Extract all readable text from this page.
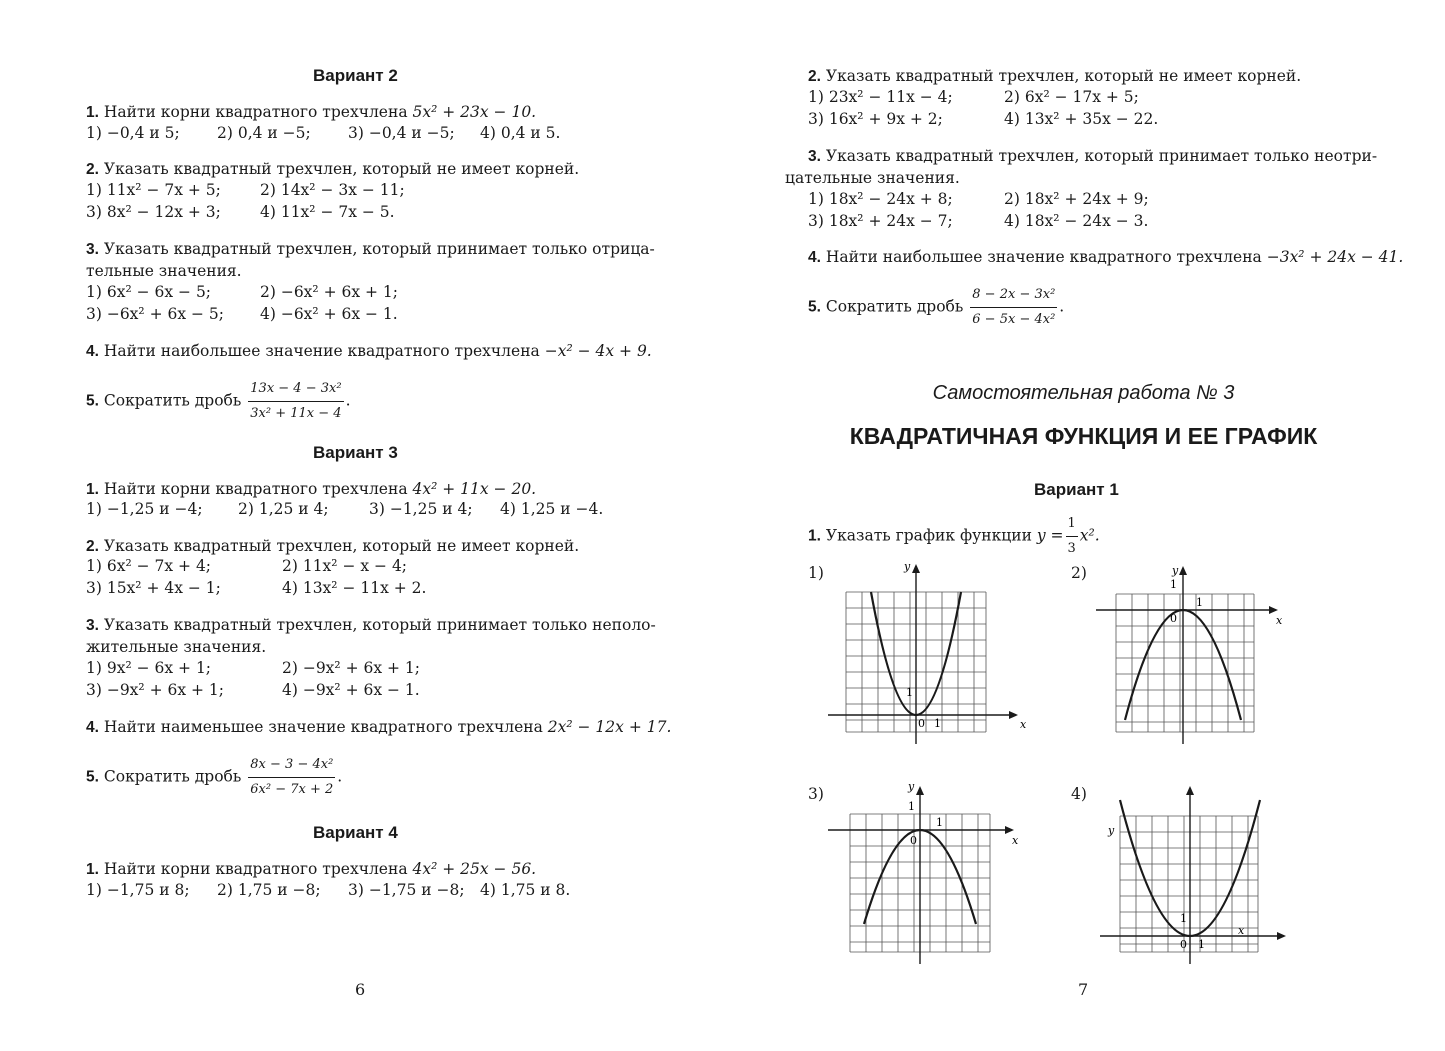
Вариант 2
1. Найти корни квадратного трехчлена 5x² + 23x − 10.
1) −0,4 и 5; 2) 0,4 и −5; 3) −0,4 и −5; 4) 0,4 и 5.
2. Указать квадратный трехчлен, который не имеет корней.
1) 11x² − 7x + 5;	2) 14x² − 3x − 11;
3) 8x² − 12x + 3;	4) 11x² − 7x − 5.
3. Указать квадратный трехчлен, который принимает только отрица-
тельные значения.
1) 6x² − 6x − 5;	2) −6x² + 6x + 1;
3) −6x² + 6x − 5; 4) −6x² + 6x − 1.
4. Найти наибольшее значение квадратного трехчлена −x² − 4x + 9.
5. Сократить дробь $\frac{\text{13x − 4 − 3x²}}{\text{3x² + 11x − 4}}$ .
Вариант 3
1. Найти корни квадратного трехчлена 4x² + 11x − 20.
1) −1,25 и −4; 2) 1,25 и 4;	3) −1,25 и 4; 4) 1,25 и −4.
2. Указать квадратный трехчлен, который не имеет корней.
1) 6x² − 7x + 4;	2) 11x² − x − 4;
3) 15x² + 4x − 1;	4) 13x² − 11x + 2.
3. Указать квадратный трехчлен, который принимает только неполо-
жительные значения.
1) 9x² − 6x + 1;	2) −9x² + 6x + 1;
3) −9x² + 6x + 1;	4) −9x² + 6x − 1.
4. Найти наименьшее значение квадратного трехчлена 2x² − 12x + 17.
5. Сократить дробь $\frac{\text{8x − 3 − 4x²}}{\text{6x² − 7x + 2}}$ .
Вариант 4
1. Найти корни квадратного трехчлена 4x² + 25x − 56.
1) −1,75 и 8; 2) 1,75 и −8; 3) −1,75 и −8; 4) 1,75 и 8.
6
2. Указать квадратный трехчлен, который не имеет корней.
1) 23x² − 11x − 4;	2) 6x² − 17x + 5;
3) 16x² + 9x + 2;	4) 13x² + 35x − 22.
3. Указать квадратный трехчлен, который принимает только неотри-
цательные значения.
1) 18x² − 24x + 8;	2) 18x² + 24x + 9;
3) 18x² + 24x − 7;	4) 18x² − 24x − 3.
4. Найти наибольшее значение квадратного трехчлена −3x² + 24x − 41.
5. Сократить дробь $\frac{\text{8 − 2x − 3x²}}{\text{6 − 5x − 4x²}}$ .
Самостоятельная работа № 3
КВАДРАТИЧНАЯ ФУНКЦИЯ И ЕЕ ГРАФИК
Вариант 1
1. Указать график функции $y = \frac{1}{3} x^2$.
1)	2)
3)	4)
y
x
0 1
1
y
x
0
1
1
y
x
0
1
1
y
x
0 1
1
7
